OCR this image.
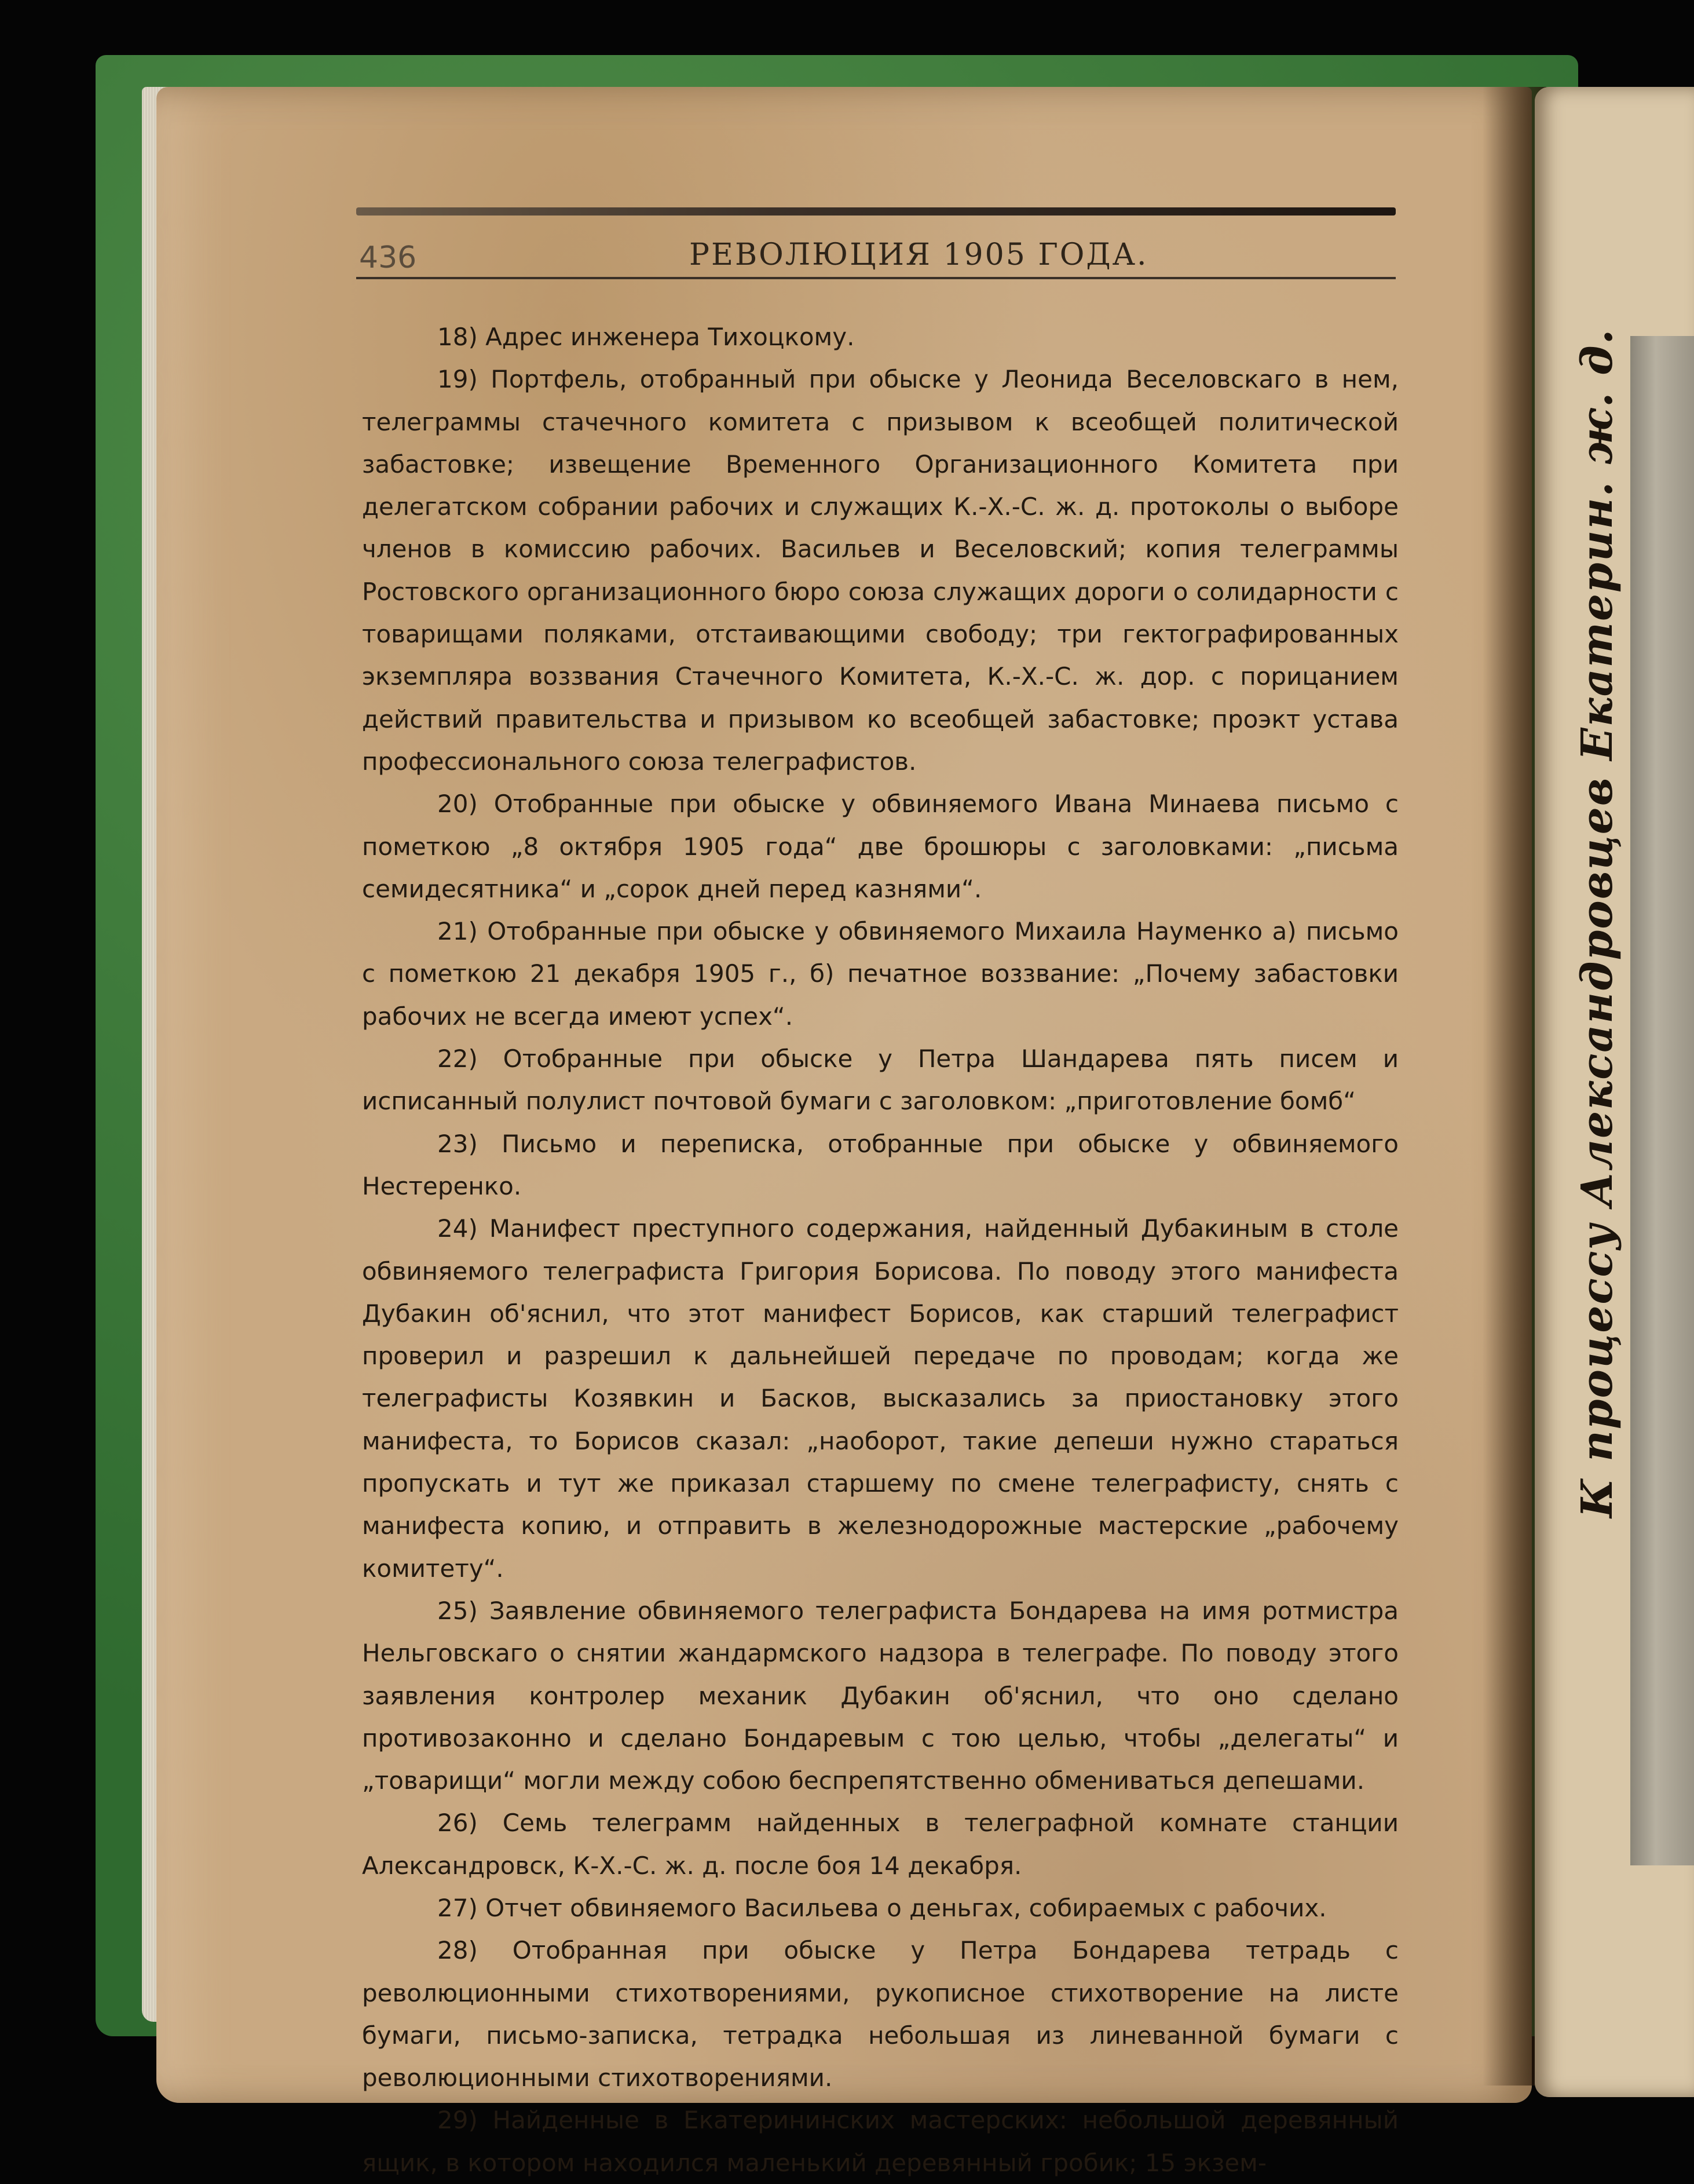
К процессу Александровцев Екатерин. ж. д.
436	РЕВОЛЮЦИЯ 1905 ГОДА.

18) Адрес инженера Тихоцкому.

19) Портфель, отобранный при обыске у Леонида Веселовскаго в нем, телеграммы стачечного комитета с призывом к всеобщей политической забастовке; извещение Временного Организационного Комитета при делегатском собрании рабочих и служащих К.-Х.-С. ж. д. протоколы о выборе членов в комиссию рабочих. Васильев и Веселовский; копия телеграммы Ростовского организационного бюро союза служащих дороги о солидарности с товарищами поляками, отстаивающими свободу; три гектографированных экземпляра воззвания Стачечного Комитета, К.-Х.-С. ж. дор. с порицанием действий правительства и призывом ко всеобщей забастовке; проэкт устава профессионального союза телеграфистов.

20) Отобранные при обыске у обвиняемого Ивана Минаева письмо с пометкою „8 октября 1905 года“ две брошюры с заголовками: „письма семидесятника“ и „сорок дней перед казнями“.

21) Отобранные при обыске у обвиняемого Михаила Науменко а) письмо с пометкою 21 декабря 1905 г., б) печатное воззвание: „Почему забастовки рабочих не всегда имеют успех“.

22) Отобранные при обыске у Петра Шандарева пять писем и исписанный полулист почтовой бумаги с заголовком: „приготовление бомб“

23) Письмо и переписка, отобранные при обыске у обвиняемого Нестеренко.

24) Манифест преступного содержания, найденный Дубакиным в столе обвиняемого телеграфиста Григория Борисова. По поводу этого манифеста Дубакин об'яснил, что этот манифест Борисов, как старший телеграфист проверил и разрешил к дальнейшей передаче по проводам; когда же телеграфисты Козявкин и Басков, высказались за приостановку этого манифеста, то Борисов сказал: „наоборот, такие депеши нужно стараться пропускать и тут же приказал старшему по смене телеграфисту, снять с манифеста копию, и отправить в железнодорожные мастерские „рабочему комитету“.

25) Заявление обвиняемого телеграфиста Бондарева на имя ротмистра Нельговскаго о снятии жандармского надзора в телеграфе. По поводу этого заявления контролер механик Дубакин об'яснил, что оно сделано противозаконно и сделано Бондаревым с тою целью, чтобы „делегаты“ и „товарищи“ могли между собою беспрепятственно обмениваться депешами.

26) Семь телеграмм найденных в телеграфной комнате станции Александровск, К-Х.-С. ж. д. после боя 14 декабря.

27) Отчет обвиняемого Васильева о деньгах, собираемых с рабочих.

28) Отобранная при обыске у Петра Бондарева тетрадь с революционными стихотворениями, рукописное стихотворение на листе бумаги, письмо-записка, тетрадка небольшая из линеванной бумаги с революционными стихотворениями.

29) Найденные в Екатерининских мастерских: небольшой деревянный ящик, в котором находился маленький деревянный гробик; 15 экзем-
